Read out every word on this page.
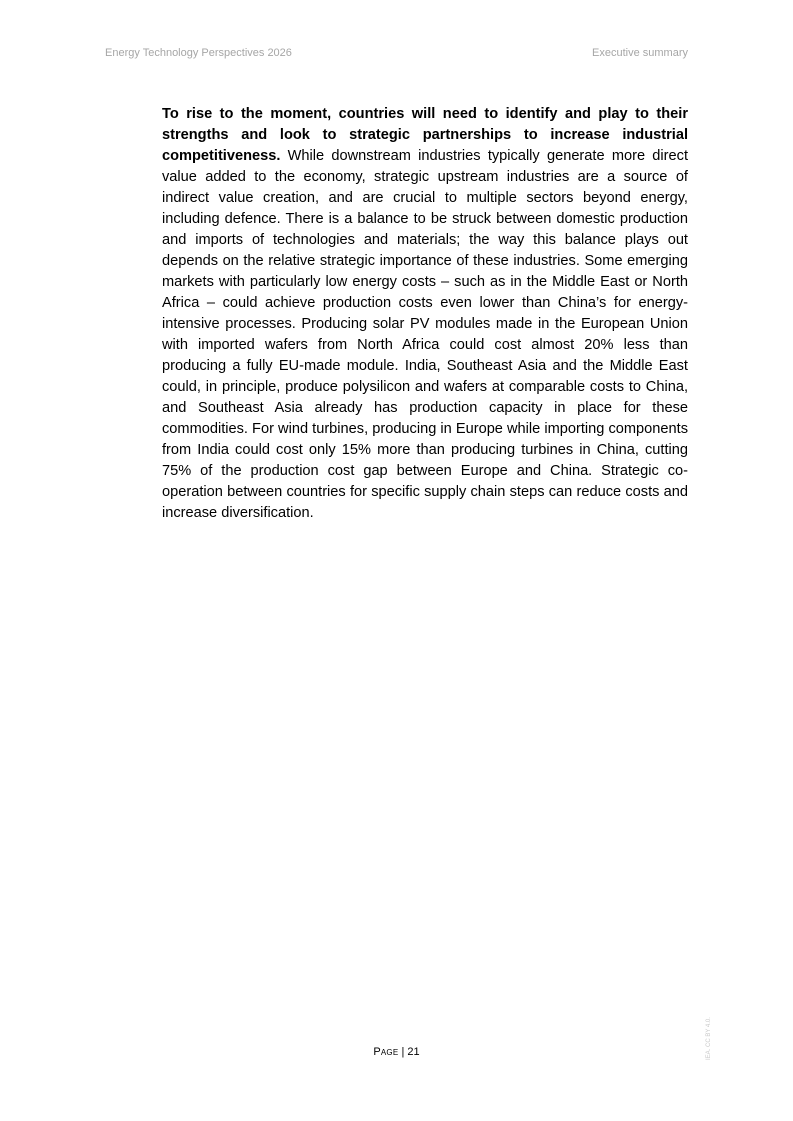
Energy Technology Perspectives 2026	Executive summary

To rise to the moment, countries will need to identify and play to their strengths and look to strategic partnerships to increase industrial competitiveness. While downstream industries typically generate more direct value added to the economy, strategic upstream industries are a source of indirect value creation, and are crucial to multiple sectors beyond energy, including defence. There is a balance to be struck between domestic production and imports of technologies and materials; the way this balance plays out depends on the relative strategic importance of these industries. Some emerging markets with particularly low energy costs – such as in the Middle East or North Africa – could achieve production costs even lower than China’s for energy-intensive processes. Producing solar PV modules made in the European Union with imported wafers from North Africa could cost almost 20% less than producing a fully EU-made module. India, Southeast Asia and the Middle East could, in principle, produce polysilicon and wafers at comparable costs to China, and Southeast Asia already has production capacity in place for these commodities. For wind turbines, producing in Europe while importing components from India could cost only 15% more than producing turbines in China, cutting 75% of the production cost gap between Europe and China. Strategic co-operation between countries for specific supply chain steps can reduce costs and increase diversification.

Page | 21	IEA. CC BY 4.0.
